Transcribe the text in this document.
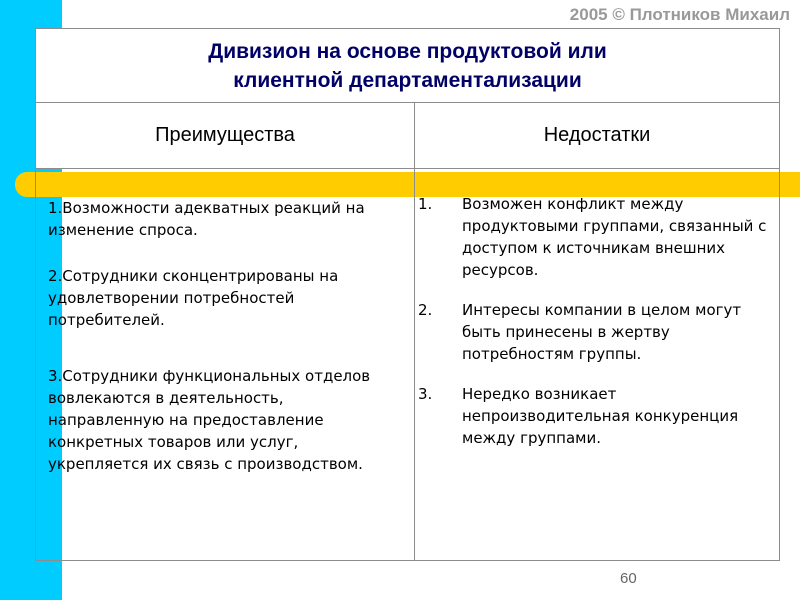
2005 © Плотников Михаил
Дивизион на основе продуктовой или
клиентной департаментализации
Преимущества	Недостатки
1.Возможности адекватных реакций на изменение спроса.
2.Сотрудники сконцентрированы на удовлетворении потребностей потребителей.
3.Сотрудники функциональных отделов вовлекаются в деятельность, направленную на предоставление конкретных товаров или услуг, укрепляется их связь с производством.
1. Возможен конфликт между продуктовыми группами, связанный с доступом к источникам внешних ресурсов.
2. Интересы компании в целом могут быть принесены в жертву потребностям группы.
3. Нередко возникает непроизводительная конкуренция между группами.
60
